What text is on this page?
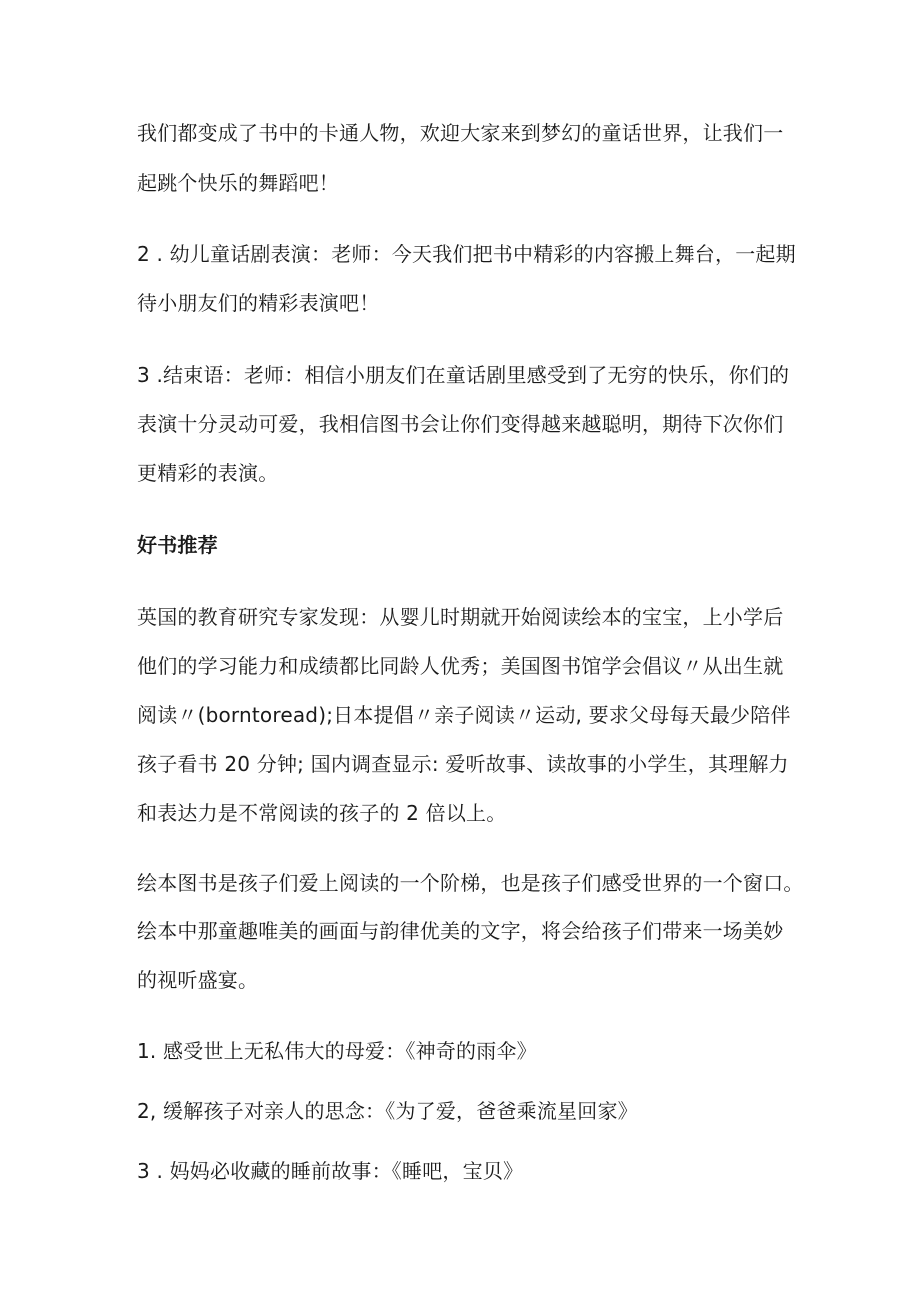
我们都变成了书中的卡通人物，欢迎大家来到梦幻的童话世界，让我们一
起跳个快乐的舞蹈吧！
2 . 幼儿童话剧表演：老师：今天我们把书中精彩的内容搬上舞台，一起期
待小朋友们的精彩表演吧！
3 .结束语：老师：相信小朋友们在童话剧里感受到了无穷的快乐，你们的
表演十分灵动可爱，我相信图书会让你们变得越来越聪明，期待下次你们
更精彩的表演。
好书推荐
英国的教育研究专家发现：从婴儿时期就开始阅读绘本的宝宝，上小学后
他们的学习能力和成绩都比同龄人优秀；美国图书馆学会倡议〃从出生就
阅读〃(borntoread);日本提倡〃亲子阅读〃运动, 要求父母每天最少陪伴
孩子看书 20 分钟; 国内调查显示: 爱听故事、读故事的小学生，其理解力
和表达力是不常阅读的孩子的 2 倍以上。
绘本图书是孩子们爱上阅读的一个阶梯，也是孩子们感受世界的一个窗口。
绘本中那童趣唯美的画面与韵律优美的文字，将会给孩子们带来一场美妙
的视听盛宴。
1. 感受世上无私伟大的母爱：《神奇的雨伞》
2, 缓解孩子对亲人的思念：《为了爱，爸爸乘流星回家》
3 . 妈妈必收藏的睡前故事：《睡吧，宝贝》
